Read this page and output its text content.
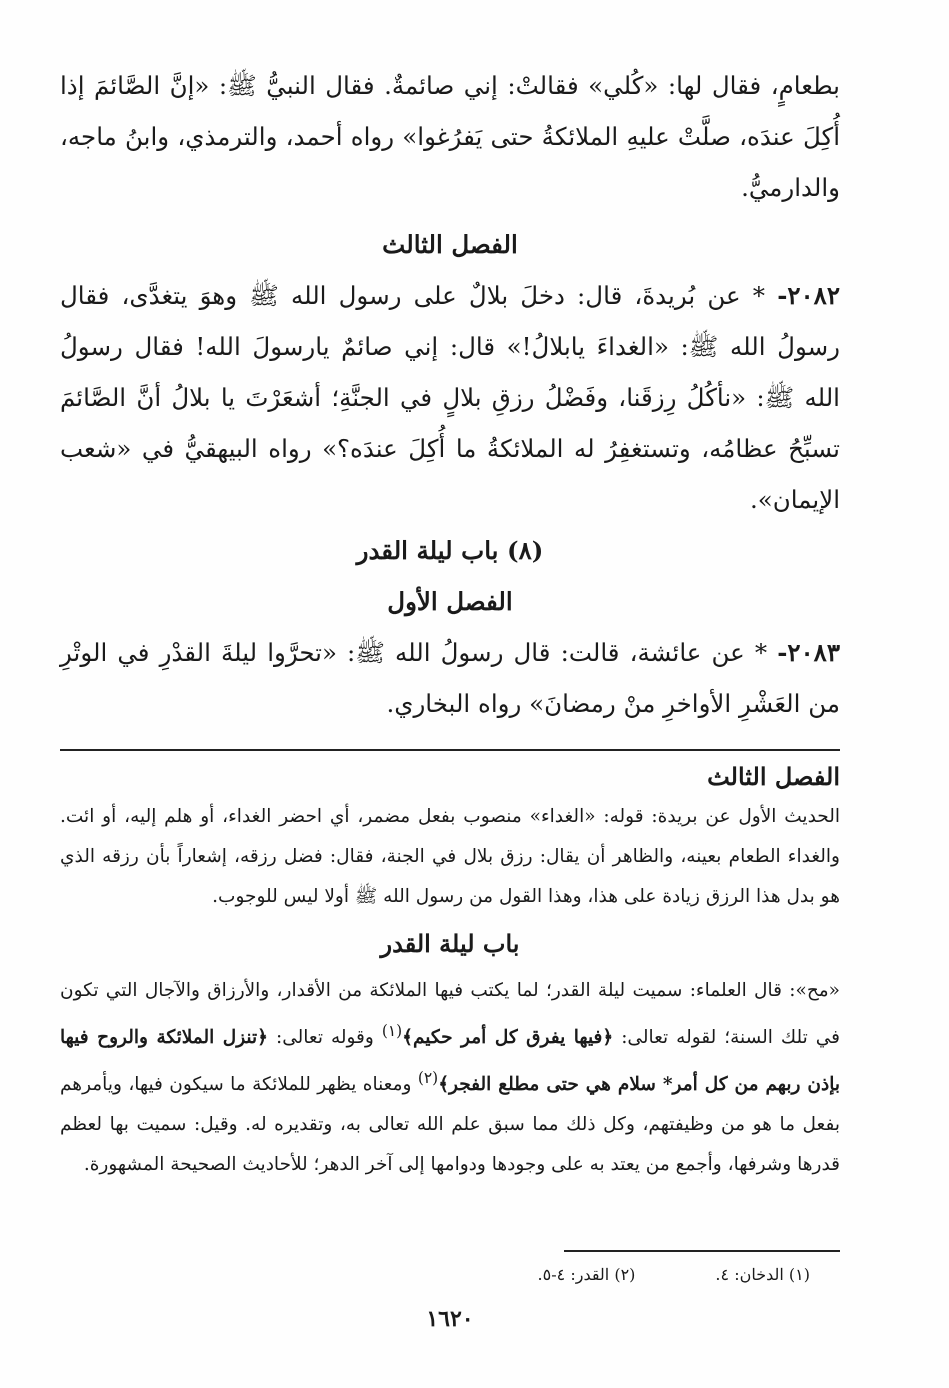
بطعامٍ، فقال لها: «كُلي» فقالتْ: إني صائمةٌ. فقال النبيُّ ﷺ: «إنَّ الصَّائمَ إذا أُكِلَ عندَه، صلَّتْ عليهِ الملائكةُ حتى يَفرُغوا» رواه أحمد، والترمذي، وابنُ ماجه، والدارميُّ.

الفصل الثالث

٢٠٨٢- * عن بُريدةَ، قال: دخلَ بلالٌ على رسول الله ﷺ وهوَ يتغدَّى، فقال رسولُ الله ﷺ: «الغداءَ يابلالُ!» قال: إني صائمٌ يارسولَ الله! فقال رسولُ الله ﷺ: «نأكُلُ رِزقَنا، وفَضْلُ رزقِ بلالٍ في الجنَّةِ؛ أشعَرْتَ يا بلالُ أنَّ الصَّائمَ تسبِّحُ عظامُه، وتستغفِرُ له الملائكةُ ما أُكِلَ عندَه؟» رواه البيهقيُّ في «شعب الإيمان».

(٨) باب ليلة القدر

الفصل الأول

٢٠٨٣- * عن عائشة، قالت: قال رسولُ الله ﷺ: «تحرَّوا ليلةَ القدْرِ في الوتْرِ من العَشْرِ الأواخرِ منْ رمضانَ» رواه البخاري.

الفصل الثالث

الحديث الأول عن بريدة: قوله: «الغداء» منصوب بفعل مضمر، أي احضر الغداء، أو هلم إليه، أو ائت. والغداء الطعام بعينه، والظاهر أن يقال: رزق بلال في الجنة، فقال: فضل رزقه، إشعاراً بأن رزقه الذي هو بدل هذا الرزق زيادة على هذا، وهذا القول من رسول الله ﷺ أولا ليس للوجوب.

باب ليلة القدر

«مح»: قال العلماء: سميت ليلة القدر؛ لما يكتب فيها الملائكة من الأقدار، والأرزاق والآجال التي تكون في تلك السنة؛ لقوله تعالى: ﴿فيها يفرق كل أمر حكيم﴾$^{(١)}$ وقوله تعالى: ﴿تنزل الملائكة والروح فيها بإذن ربهم من كل أمر* سلام هي حتى مطلع الفجر﴾$^{(٢)}$ ومعناه يظهر للملائكة ما سيكون فيها، ويأمرهم بفعل ما هو من وظيفتهم، وكل ذلك مما سبق علم الله تعالى به، وتقديره له. وقيل: سميت بها لعظم قدرها وشرفها، وأجمع من يعتد به على وجودها ودوامها إلى آخر الدهر؛ للأحاديث الصحيحة المشهورة.

(١) الدخان: ٤.
(٢) القدر: ٤-٥.
١٦٢٠
